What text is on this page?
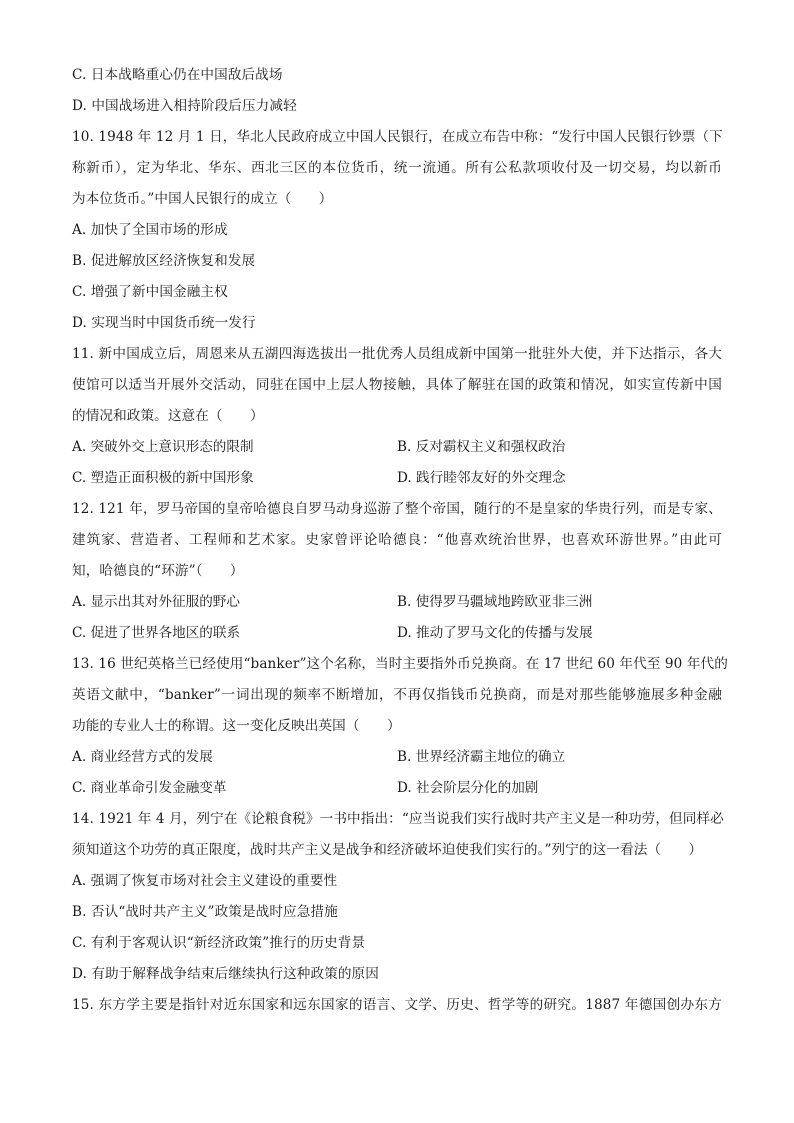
C. 日本战略重心仍在中国敌后战场
D. 中国战场进入相持阶段后压力减轻
10. 1948 年 12 月 1 日，华北人民政府成立中国人民银行，在成立布告中称：“发行中国人民银行钞票（下
称新币），定为华北、华东、西北三区的本位货币，统一流通。所有公私款项收付及一切交易，均以新币
为本位货币。”中国人民银行的成立（　　）
A. 加快了全国市场的形成
B. 促进解放区经济恢复和发展
C. 增强了新中国金融主权
D. 实现当时中国货币统一发行
11. 新中国成立后，周恩来从五湖四海选拔出一批优秀人员组成新中国第一批驻外大使，并下达指示，各大
使馆可以适当开展外交活动，同驻在国中上层人物接触，具体了解驻在国的政策和情况，如实宣传新中国
的情况和政策。这意在（　　）
A. 突破外交上意识形态的限制	B. 反对霸权主义和强权政治
C. 塑造正面积极的新中国形象	D. 践行睦邻友好的外交理念
12. 121 年，罗马帝国的皇帝哈德良自罗马动身巡游了整个帝国，随行的不是皇家的华贵行列，而是专家、
建筑家、营造者、工程师和艺术家。史家曾评论哈德良：“他喜欢统治世界，也喜欢环游世界。”由此可
知，哈德良的“环游”（　　）
A. 显示出其对外征服的野心	B. 使得罗马疆域地跨欧亚非三洲
C. 促进了世界各地区的联系	D. 推动了罗马文化的传播与发展
13. 16 世纪英格兰已经使用“banker”这个名称，当时主要指外币兑换商。在 17 世纪 60 年代至 90 年代的
英语文献中，“banker”一词出现的频率不断增加，不再仅指钱币兑换商，而是对那些能够施展多种金融
功能的专业人士的称谓。这一变化反映出英国（　　）
A. 商业经营方式的发展	B. 世界经济霸主地位的确立
C. 商业革命引发金融变革	D. 社会阶层分化的加剧
14. 1921 年 4 月，列宁在《论粮食税》一书中指出：“应当说我们实行战时共产主义是一种功劳，但同样必
须知道这个功劳的真正限度，战时共产主义是战争和经济破坏迫使我们实行的。”列宁的这一看法（　　）
A. 强调了恢复市场对社会主义建设的重要性
B. 否认“战时共产主义”政策是战时应急措施
C. 有利于客观认识“新经济政策”推行的历史背景
D. 有助于解释战争结束后继续执行这种政策的原因
15. 东方学主要是指针对近东国家和远东国家的语言、文学、历史、哲学等的研究。1887 年德国创办东方
